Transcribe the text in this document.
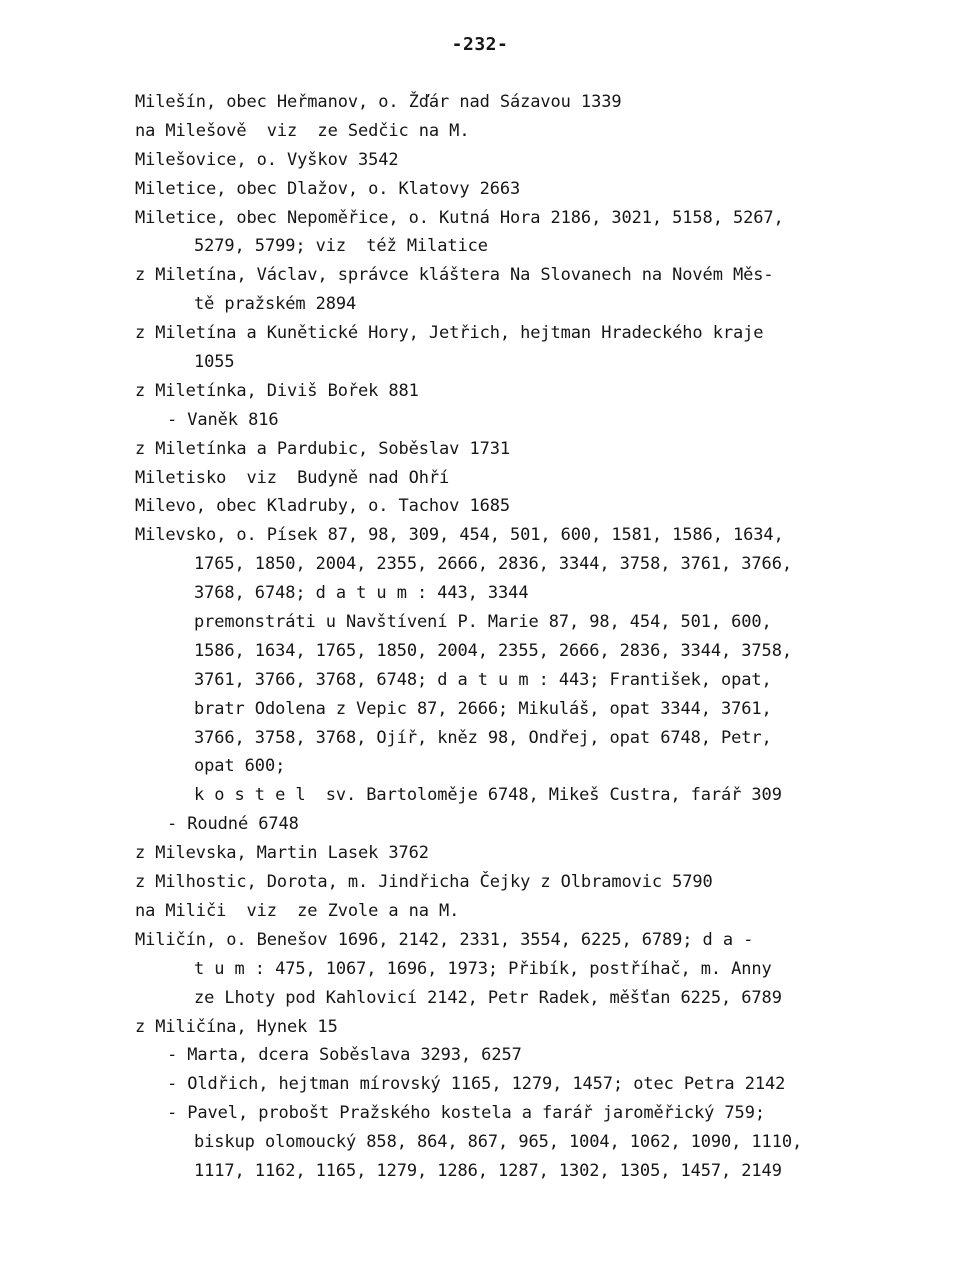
-232-
Milešín, obec Heřmanov, o. Žďár nad Sázavou 1339
na Milešově  viz  ze Sedčic na M.
Milešovice, o. Vyškov 3542
Miletice, obec Dlažov, o. Klatovy 2663
Miletice, obec Nepoměřice, o. Kutná Hora 2186, 3021, 5158, 5267,
5279, 5799; viz  též Milatice
z Miletína, Václav, správce kláštera Na Slovanech na Novém Měs-
tě pražském 2894
z Miletína a Kunětické Hory, Jetřich, hejtman Hradeckého kraje
1055
z Miletínka, Diviš Bořek 881
- Vaněk 816
z Miletínka a Pardubic, Soběslav 1731
Miletisko  viz  Budyně nad Ohří
Milevo, obec Kladruby, o. Tachov 1685
Milevsko, o. Písek 87, 98, 309, 454, 501, 600, 1581, 1586, 1634,
1765, 1850, 2004, 2355, 2666, 2836, 3344, 3758, 3761, 3766,
3768, 6748; d a t u m : 443, 3344
premonstráti u Navštívení P. Marie 87, 98, 454, 501, 600,
1586, 1634, 1765, 1850, 2004, 2355, 2666, 2836, 3344, 3758,
3761, 3766, 3768, 6748; d a t u m : 443; František, opat,
bratr Odolena z Vepic 87, 2666; Mikuláš, opat 3344, 3761,
3766, 3758, 3768, Ojíř, kněz 98, Ondřej, opat 6748, Petr,
opat 600;
k o s t e l  sv. Bartoloměje 6748, Mikeš Custra, farář 309
- Roudné 6748
z Milevska, Martin Lasek 3762
z Milhostic, Dorota, m. Jindřicha Čejky z Olbramovic 5790
na Miliči  viz  ze Zvole a na M.
Miličín, o. Benešov 1696, 2142, 2331, 3554, 6225, 6789; d a -
t u m : 475, 1067, 1696, 1973; Přibík, postříhač, m. Anny
ze Lhoty pod Kahlovicí 2142, Petr Radek, měšťan 6225, 6789
z Miličína, Hynek 15
- Marta, dcera Soběslava 3293, 6257
- Oldřich, hejtman mírovský 1165, 1279, 1457; otec Petra 2142
- Pavel, probošt Pražského kostela a farář jaroměřický 759;
biskup olomoucký 858, 864, 867, 965, 1004, 1062, 1090, 1110,
1117, 1162, 1165, 1279, 1286, 1287, 1302, 1305, 1457, 2149
